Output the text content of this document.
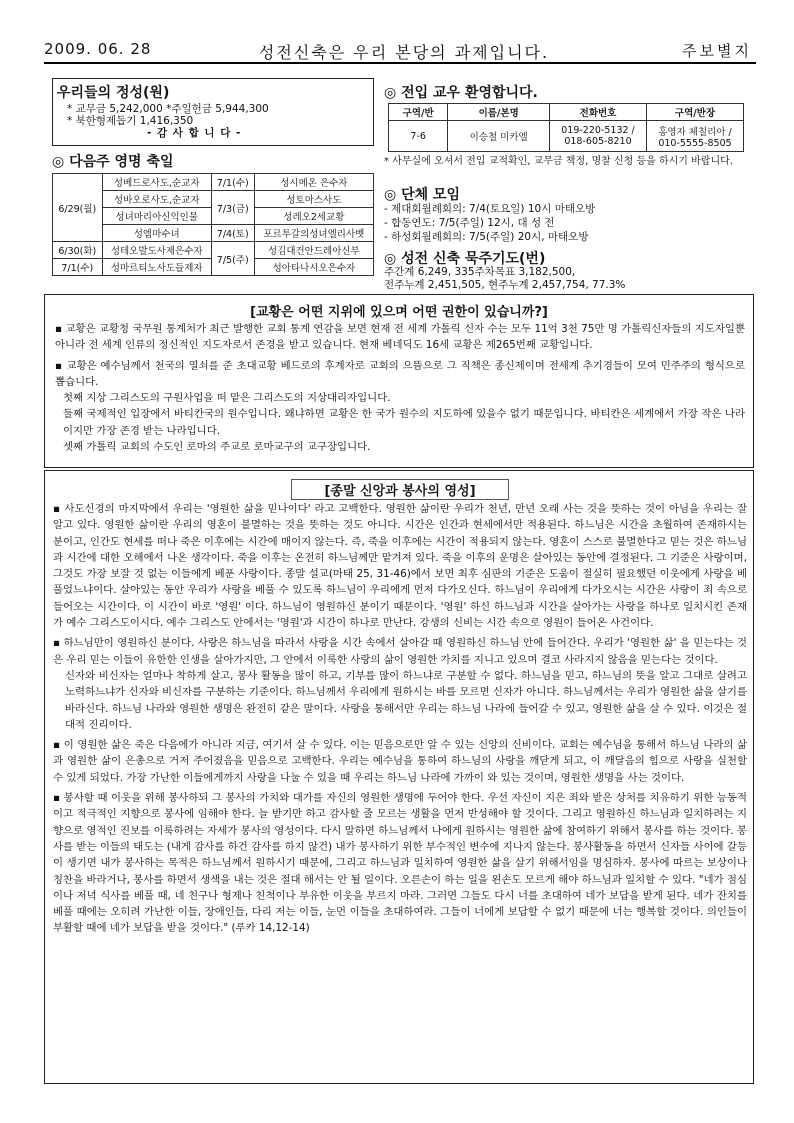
2009. 06. 28	성전신축은 우리 본당의 과제입니다.	주보별지
우리들의 정성(원)
* 교무금 5,242,000 *주일헌금 5,944,300
* 북한형제돕기 1,416,350
- 감 사 합 니 다 -
◎ 다음주 영명 축일
6/29(월)	성베드로사도,순교자	7/1(수)	성시메온 은수자
	성바오로사도,순교자	7/3(금)	성토마스사도
	성녀마리아신익인물		성레오2세교황
	성엠마수녀	7/4(토)	포르투갈의성녀엘리사벳
6/30(화)	성테오발도사제은수자	7/5(주)	성김대건안드레아신부
7/1(수)	성마르티노사도들제자		성아타나시오은수자
◎ 전입 교우 환영합니다.
구역/반	이름/본명	전화번호	구역/반장
7-6	이승철 미카엘	019-220-5132 / 018-605-8210	홍영자 체칠리아 / 010-5555-8505
* 사무실에 오셔서 전입 교적확인, 교무금 책정, 명찰 신청 등을 하시기 바랍니다.
◎ 단체 모임
- 제대회월례회의: 7/4(토요일) 10시 마태오방
- 합동연도: 7/5(주일) 12시, 대 성 전
- 하성회월례회의: 7/5(주일) 20시, 마태오방
◎ 성전 신축 묵주기도(번)
주간계 6,249, 335주차목표 3,182,500,
전주누계 2,451,505, 현주누계 2,457,754, 77.3%
[교황은 어떤 지위에 있으며 어떤 권한이 있습니까?]

▪ 교황은 교황청 국무원 통계처가 최근 발행한 교회 통계 연감을 보면 현재 전 세계 가톨릭 신자 수는 모두 11억 3천 75만 명 가톨릭신자들의 지도자일뿐 아니라 전 세계 인류의 정신적인 지도자로서 존경을 받고 있습니다. 현재 베네딕도 16세 교황은 제265번째 교황입니다.

▪ 교황은 예수님께서 천국의 열쇠를 준 초대교황 베드로의 후계자로 교회의 으뜸으로 그 직책은 종신제이며 전세계 추기경들이 모여 민주주의 형식으로 뽑습니다.

첫째 지상 그리스도의 구원사업을 떠 맡은 그리스도의 지상대리자입니다.

둘째 국제적인 입장에서 바티칸국의 원수입니다. 왜냐하면 교황은 한 국가 원수의 지도하에 있을수 없기 때문입니다. 바티칸은 세계에서 가장 작은 나라이지만 가장 존경 받는 나라입니다.

셋째 가톨릭 교회의 수도인 로마의 주교로 로마교구의 교구장입니다.

[종말 신앙과 봉사의 영성]

▪ 사도신경의 마지막에서 우리는 '영원한 삶을 믿나이다' 라고 고백한다. 영원한 삶이란 우리가 천년, 만년 오래 사는 것을 뜻하는 것이 아님을 우리는 잘 알고 있다. 영원한 삶이란 우리의 영혼이 불멸하는 것을 뜻하는 것도 아니다. 시간은 인간과 현세에서만 적용된다. 하느님은 시간을 초월하여 존재하시는 분이고, 인간도 현세를 떠나 죽은 이후에는 시간에 매이지 않는다. 즉, 죽을 이후에는 시간이 적용되지 않는다. 영혼이 스스로 불멸한다고 믿는 것은 하느님과 시간에 대한 오해에서 나온 생각이다. 죽을 이후는 온전히 하느님께만 맡겨져 있다. 죽을 이후의 운명은 살아있는 동안에 결정된다. 그 기준은 사랑이며, 그것도 가장 보잘 것 없는 이들에게 베푼 사랑이다. 종말 설교(마태 25, 31-46)에서 보면 최후 심판의 기준은 도움이 절실히 필요했던 이웃에게 사랑을 베풀었느냐이다. 살아있는 동안 우리가 사랑을 베풀 수 있도록 하느님이 우리에게 먼저 다가오신다. 하느님이 우리에게 다가오시는 시간은 사랑이 죄 속으로 들어오는 시간이다. 이 시간이 바로 '영원' 이다. 하느님이 영원하신 분이기 때문이다. '영원' 하신 하느님과 시간을 살아가는 사랑을 하나로 일치시킨 존재가 예수 그리스도이시다. 예수 그리스도 안에서는 '영원'과 시간이 하나로 만난다. 강생의 신비는 시간 속으로 영원이 들어온 사건이다.

▪ 하느님만이 영원하신 분이다. 사랑은 하느님을 따라서 사랑을 시간 속에서 살아갈 때 영원하신 하느님 안에 들어간다. 우리가 '영원한 삶' 을 믿는다는 것은 우리 믿는 이들이 유한한 인생을 살아가지만, 그 안에서 이룩한 사랑의 삶이 영원한 가치를 지니고 있으며 결코 사라지지 않음을 믿는다는 것이다.

신자와 비신자는 얼마나 착하게 살고, 봉사 활동을 많이 하고, 기부를 많이 하느냐로 구분할 수 없다. 하느님을 믿고, 하느님의 뜻을 알고 그대로 살려고 노력하느냐가 신자와 비신자를 구분하는 기준이다. 하느님께서 우리에게 원하시는 바를 모르면 신자가 아니다. 하느님께서는 우리가 영원한 삶을 살기를 바라신다. 하느님 나라와 영원한 생명은 완전히 같은 말이다. 사랑을 통해서만 우리는 하느님 나라에 들어갈 수 있고, 영원한 삶을 살 수 있다. 이것은 절대적 진리이다.

▪ 이 영원한 삶은 죽은 다음에가 아니라 지금, 여기서 살 수 있다. 이는 믿음으로만 알 수 있는 신앙의 신비이다. 교회는 예수님을 통해서 하느님 나라의 삶과 영원한 삶이 은총으로 거저 주어졌음을 믿음으로 고백한다. 우리는 예수님을 통하여 하느님의 사랑을 깨닫게 되고, 이 깨달음의 힘으로 사랑을 실천할 수 있게 되었다. 가장 가난한 이들에게까지 사랑을 나눌 수 있을 때 우리는 하느님 나라에 가까이 와 있는 것이며, 영원한 생명을 사는 것이다.

▪ 봉사할 때 이웃을 위해 봉사하되 그 봉사의 가치와 대가를 자신의 영원한 생명에 두어야 한다. 우선 자신이 지은 죄와 받은 상처를 치유하기 위한 능동적이고 적극적인 지향으로 봉사에 임해야 한다. 늘 받기만 하고 감사할 줄 모르는 생활을 먼저 반성해야 할 것이다. 그리고 영원하신 하느님과 일치하려는 지향으로 영적인 진보를 이룩하려는 자세가 봉사의 영성이다. 다시 말하면 하느님께서 나에게 원하시는 영원한 삶에 참여하기 위해서 봉사를 하는 것이다. 봉사를 받는 이들의 태도는 (내게 감사를 하건 감사를 하지 않건) 내가 봉사하기 위한 부수적인 변수에 지나지 않는다. 봉사활동을 하면서 신자들 사이에 갈등이 생기면 내가 봉사하는 목적은 하느님께서 원하시기 때문에, 그리고 하느님과 일치하여 영원한 삶을 살기 위해서임을 명심하자. 봉사에 따르는 보상이나 칭찬을 바라거나, 봉사를 하면서 생색을 내는 것은 절대 해서는 안 될 일이다. 오른손이 하는 일을 왼손도 모르게 해야 하느님과 일치할 수 있다. "네가 점심이나 저녁 식사를 베풀 때, 네 친구나 형제나 친척이나 부유한 이웃을 부르지 마라. 그러면 그들도 다시 너를 초대하여 네가 보답을 받게 된다. 네가 잔치를 베풀 때에는 오히려 가난한 이들, 장애인들, 다리 저는 이들, 눈먼 이들을 초대하여라. 그들이 너에게 보답할 수 없기 때문에 너는 행복할 것이다. 의인들이 부활할 때에 네가 보답을 받을 것이다." (루카 14,12-14)
